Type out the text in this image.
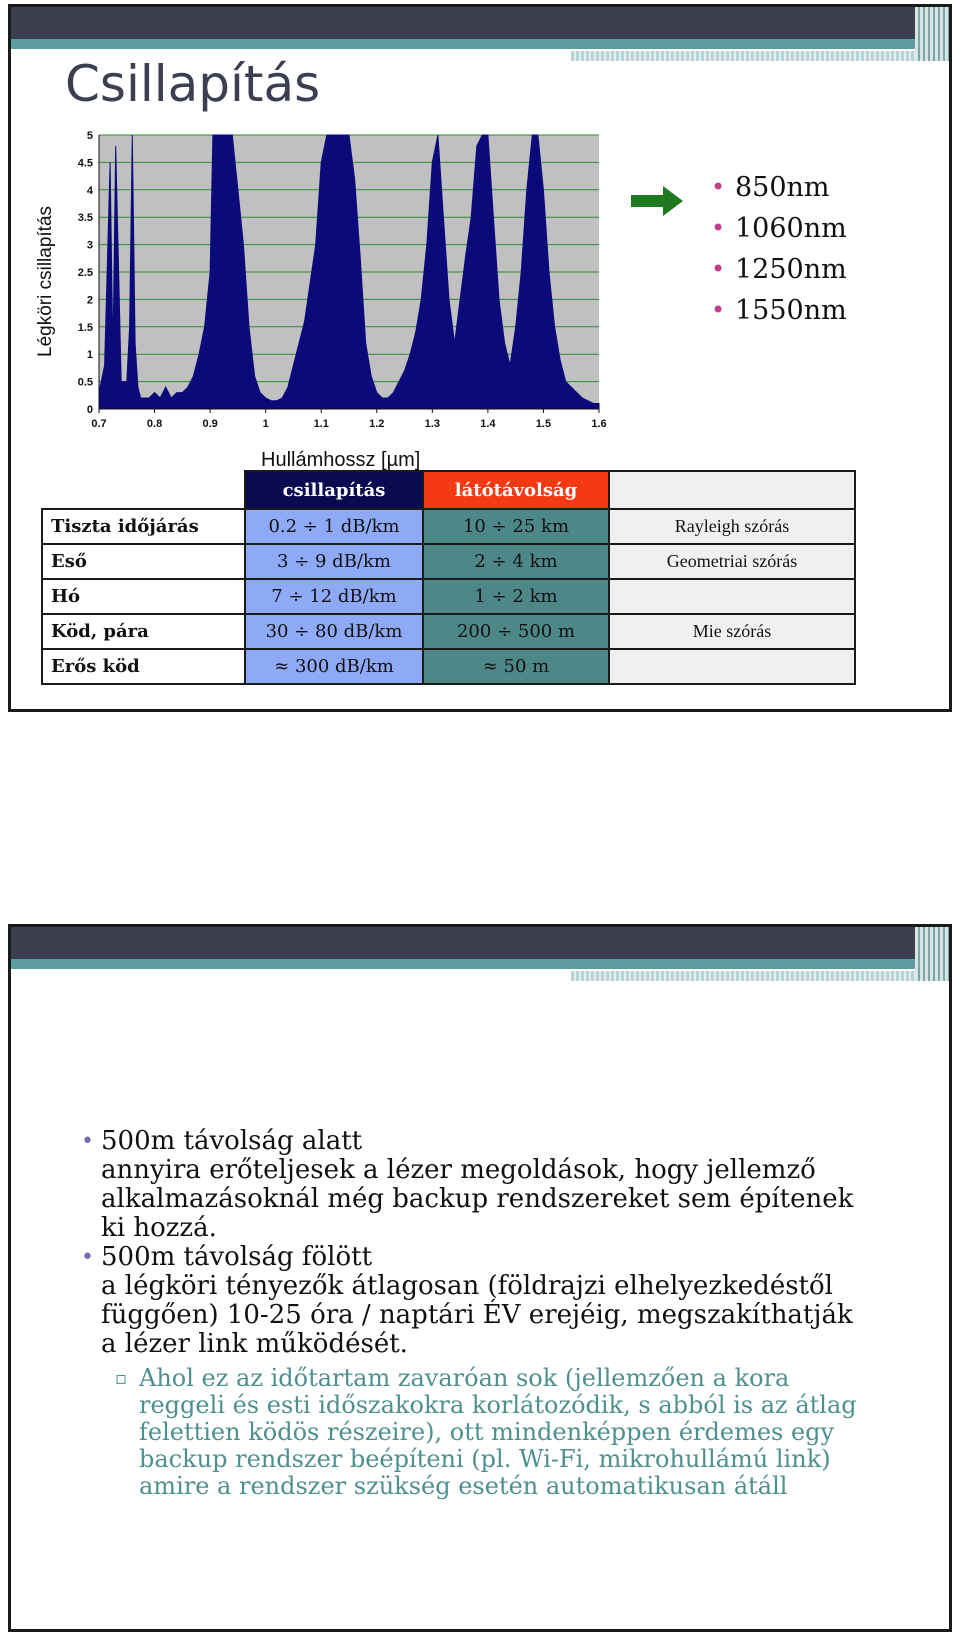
Csillapítás
0
0.5
1
1.5
2
2.5
3
3.5
4
4.5
5
0.7	0.8	0.9	1	1.1	1.2	1.3	1.4	1.5	1.6
Légköri csillapítás
Hullámhossz [µm]
• 850nm
• 1060nm
• 1250nm
• 1550nm
	csillapítás	látótávolság	
Tiszta időjárás	0.2 ÷ 1 dB/km	10 ÷ 25 km	Rayleigh szórás
Eső	3 ÷ 9 dB/km	2 ÷ 4 km	Geometriai szórás
Hó	7 ÷ 12 dB/km	1 ÷ 2 km	
Köd, pára	30 ÷ 80 dB/km	200 ÷ 500 m	Mie szórás
Erős köd	≈ 300 dB/km	≈ 50 m	
• 500m távolság alatt
annyira erőteljesek a lézer megoldások, hogy jellemző
alkalmazásoknál még backup rendszereket sem építenek
ki hozzá.
• 500m távolság fölött
a légköri tényezők átlagosan (földrajzi elhelyezkedéstől
függően) 10-25 óra / naptári ÉV erejéig, megszakíthatják
a lézer link működését.
▫ Ahol ez az időtartam zavaróan sok (jellemzően a kora
reggeli és esti időszakokra korlátozódik, s abból is az átlag
felettien ködös részeire), ott mindenképpen érdemes egy
backup rendszer beépíteni (pl. Wi-Fi, mikrohullámú link)
amire a rendszer szükség esetén automatikusan átáll
